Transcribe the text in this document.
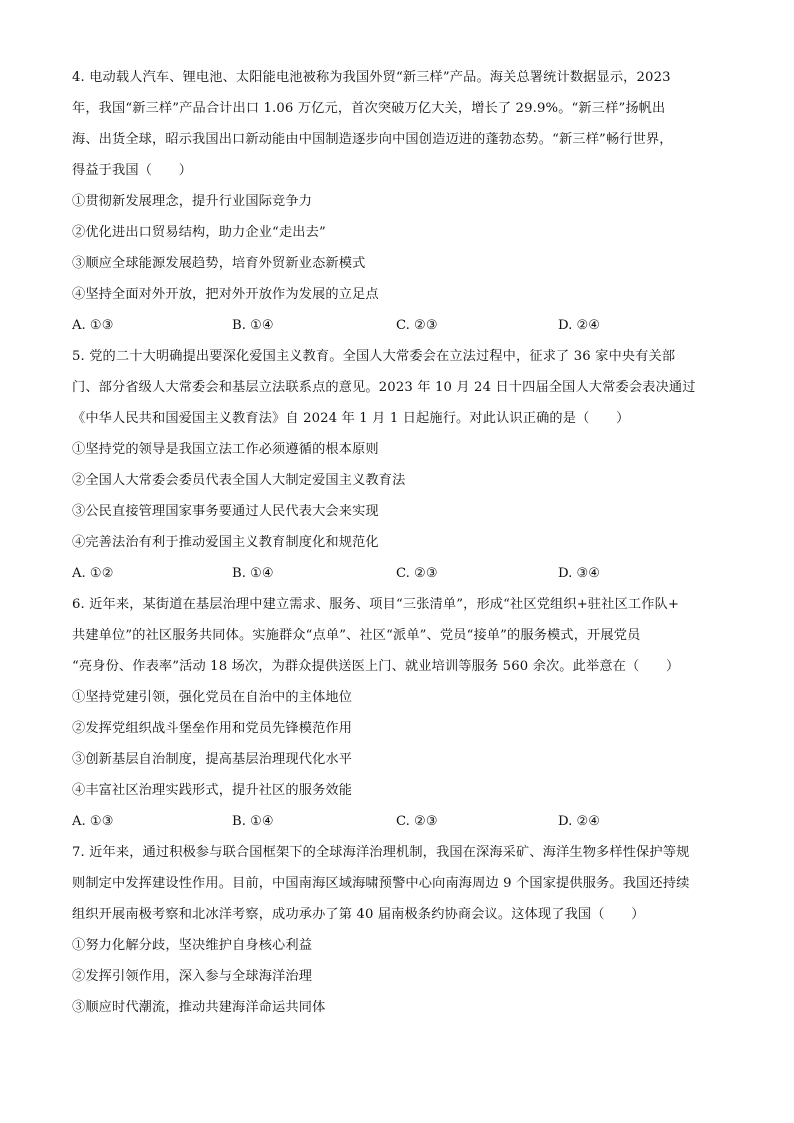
4. 电动载人汽车、锂电池、太阳能电池被称为我国外贸“新三样”产品。海关总署统计数据显示，2023
年，我国“新三样”产品合计出口 1.06 万亿元，首次突破万亿大关，增长了 29.9%。“新三样”扬帆出
海、出货全球，昭示我国出口新动能由中国制造逐步向中国创造迈进的蓬勃态势。“新三样”畅行世界，
得益于我国（　　）
①贯彻新发展理念，提升行业国际竞争力
②优化进出口贸易结构，助力企业“走出去”
③顺应全球能源发展趋势，培育外贸新业态新模式
④坚持全面对外开放，把对外开放作为发展的立足点
A. ①③	B. ①④	C. ②③	D. ②④
5. 党的二十大明确提出要深化爱国主义教育。全国人大常委会在立法过程中，征求了 36 家中央有关部
门、部分省级人大常委会和基层立法联系点的意见。2023 年 10 月 24 日十四届全国人大常委会表决通过
《中华人民共和国爱国主义教育法》自 2024 年 1 月 1 日起施行。对此认识正确的是（　　）
①坚持党的领导是我国立法工作必须遵循的根本原则
②全国人大常委会委员代表全国人大制定爱国主义教育法
③公民直接管理国家事务要通过人民代表大会来实现
④完善法治有利于推动爱国主义教育制度化和规范化
A. ①②	B. ①④	C. ②③	D. ③④
6. 近年来，某街道在基层治理中建立需求、服务、项目“三张清单”，形成“社区党组织+驻社区工作队+
共建单位”的社区服务共同体。实施群众“点单”、社区“派单”、党员“接单”的服务模式，开展党员
“亮身份、作表率”活动 18 场次，为群众提供送医上门、就业培训等服务 560 余次。此举意在（　　）
①坚持党建引领，强化党员在自治中的主体地位
②发挥党组织战斗堡垒作用和党员先锋模范作用
③创新基层自治制度，提高基层治理现代化水平
④丰富社区治理实践形式，提升社区的服务效能
A. ①③	B. ①④	C. ②③	D. ②④
7. 近年来，通过积极参与联合国框架下的全球海洋治理机制，我国在深海采矿、海洋生物多样性保护等规
则制定中发挥建设性作用。目前，中国南海区域海啸预警中心向南海周边 9 个国家提供服务。我国还持续
组织开展南极考察和北冰洋考察，成功承办了第 40 届南极条约协商会议。这体现了我国（　　）
①努力化解分歧，坚决维护自身核心利益
②发挥引领作用，深入参与全球海洋治理
③顺应时代潮流，推动共建海洋命运共同体
